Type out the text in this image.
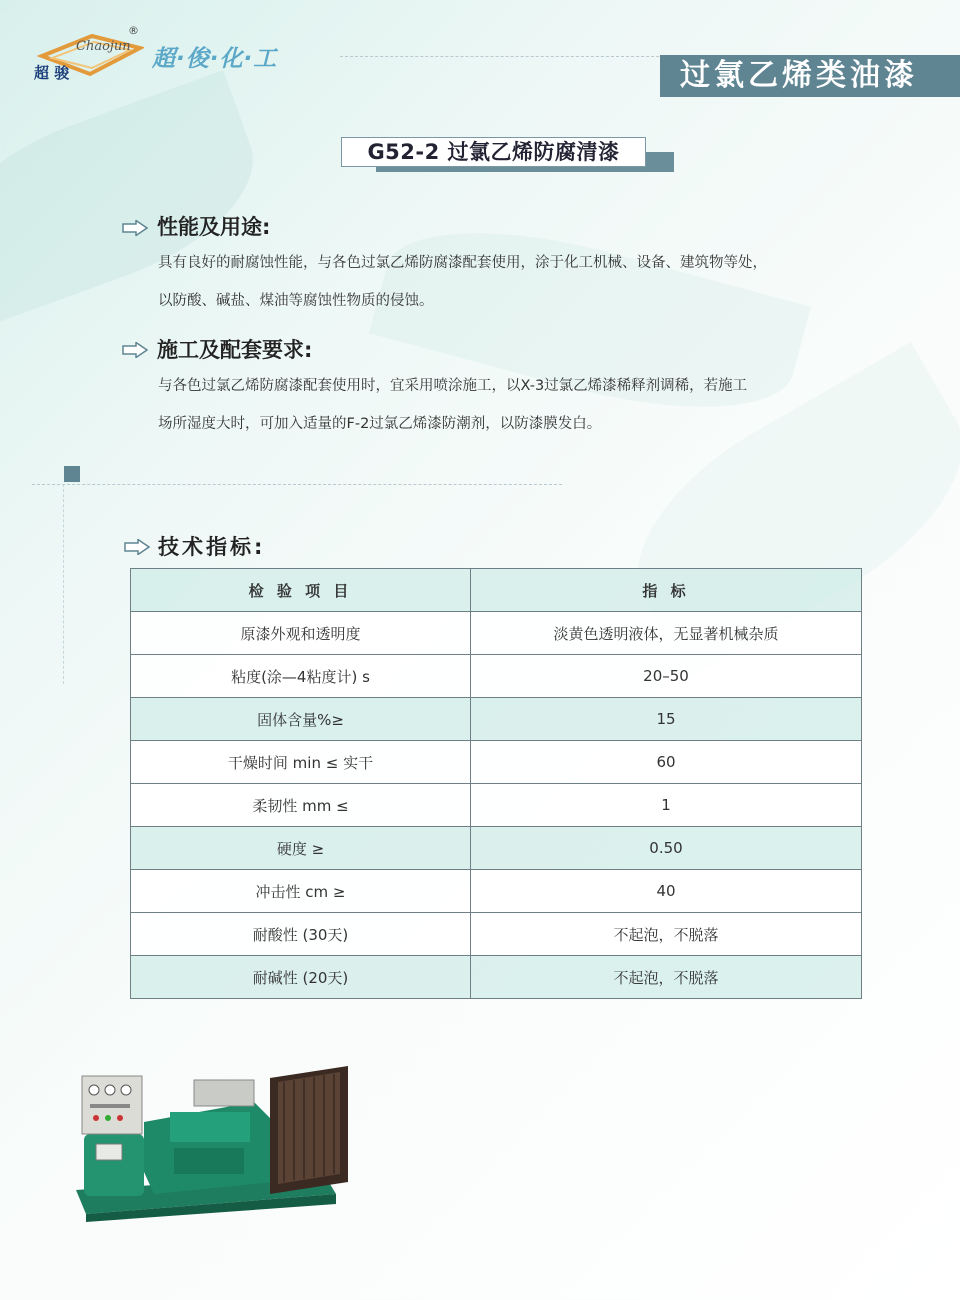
Chaojun
超 骏
®
超·俊·化·工	过氯乙烯类油漆
G52-2 过氯乙烯防腐清漆
性能及用途:
具有良好的耐腐蚀性能，与各色过氯乙烯防腐漆配套使用，涂于化工机械、设备、建筑物等处，
以防酸、碱盐、煤油等腐蚀性物质的侵蚀。
施工及配套要求:
与各色过氯乙烯防腐漆配套使用时，宜采用喷涂施工，以X-3过氯乙烯漆稀释剂调稀，若施工
场所湿度大时，可加入适量的F-2过氯乙烯漆防潮剂，以防漆膜发白。
技术指标:
检 验 项 目	指 标
原漆外观和透明度	淡黄色透明液体，无显著机械杂质
粘度(涂—4粘度计) s	20–50
固体含量%≥	15
干燥时间 min ≤ 实干	60
柔韧性 mm ≤	1
硬度 ≥	0.50
冲击性 cm ≥	40
耐酸性 (30天)	不起泡，不脱落
耐碱性 (20天)	不起泡，不脱落
